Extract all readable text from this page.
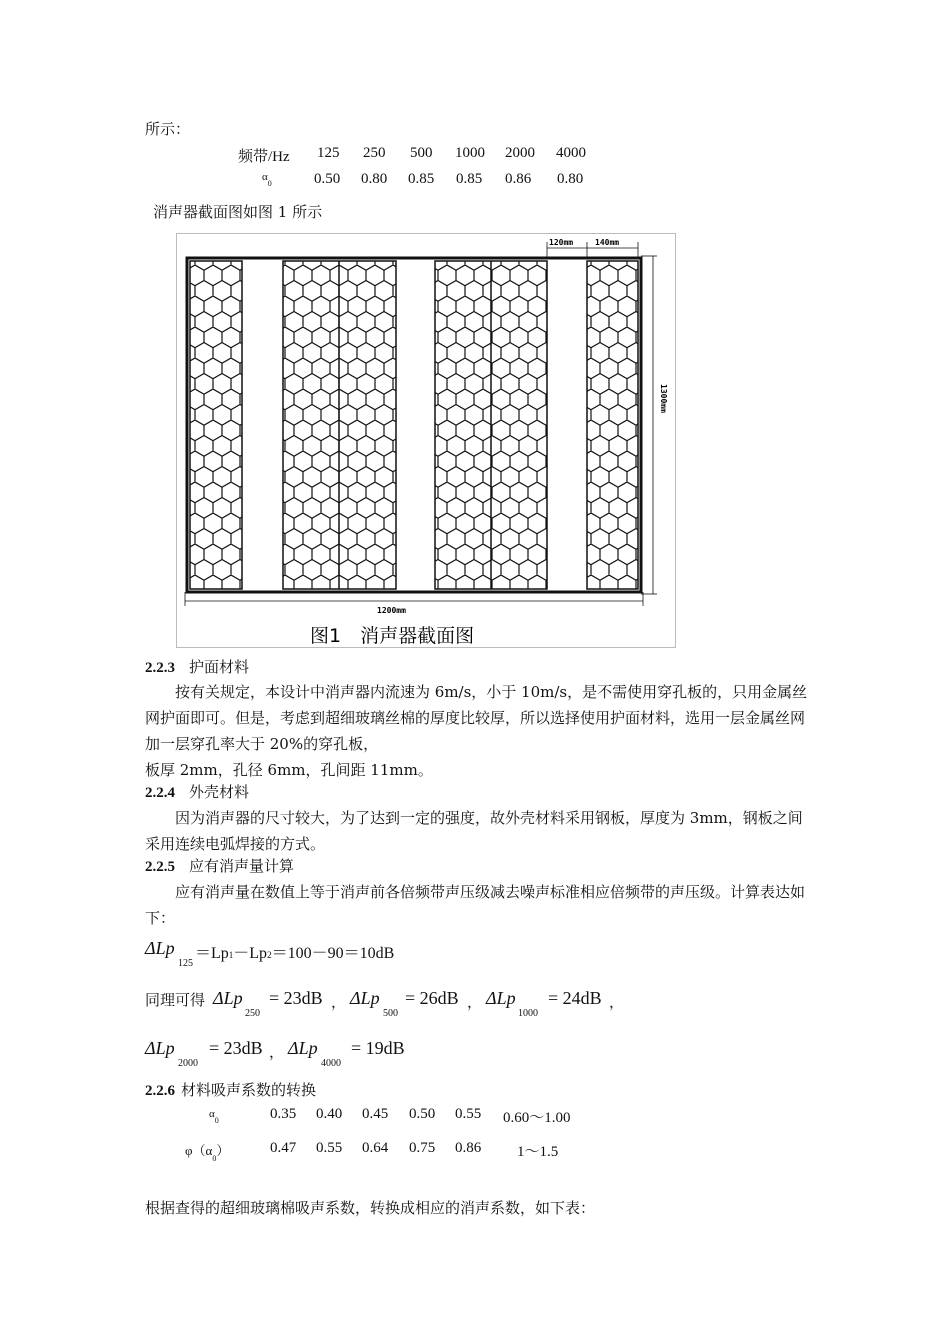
所示：
频带/Hz 125 250 500 1000 2000 4000
$\alpha_0$	0.50 0.80 0.85 0.85 0.86 0.80
消声器截面图如图 1 所示
120mm	140mm
1300mm
1200mm
图1　消声器截面图
2.2.3 护面材料
按有关规定，本设计中消声器内流速为 6m/s，小于 10m/s，是不需使用穿孔板的，只用金属丝网护面即可。但是，考虑到超细玻璃丝棉的厚度比较厚，所以选择使用护面材料，选用一层金属丝网加一层穿孔率大于 20%的穿孔板，
板厚 2mm，孔径 6mm，孔间距 11mm。
2.2.4 外壳材料
因为消声器的尺寸较大，为了达到一定的强度，故外壳材料采用钢板，厚度为 3mm，钢板之间采用连续电弧焊接的方式。
2.2.5 应有消声量计算
应有消声量在数值上等于消声前各倍频带声压级减去噪声标准相应倍频带的声压级。计算表达如下：
ΔLp
125
＝Lp1－Lp2＝100－90＝10dB
同理可得 ΔLp
250
= 23dB ， ΔLp
500
= 26dB ， ΔLp
1000
= 24dB ，
ΔLp
2000
= 23dB ， ΔLp
4000
= 19dB
2.2.6 材料吸声系数的转换
$\alpha_0$	0.35 0.40 0.45 0.50 0.55 0.60～1.00
$\varphi(\alpha_0)$	0.47 0.55 0.64 0.75 0.86 1～1.5
根据查得的超细玻璃棉吸声系数，转换成相应的消声系数，如下表：
